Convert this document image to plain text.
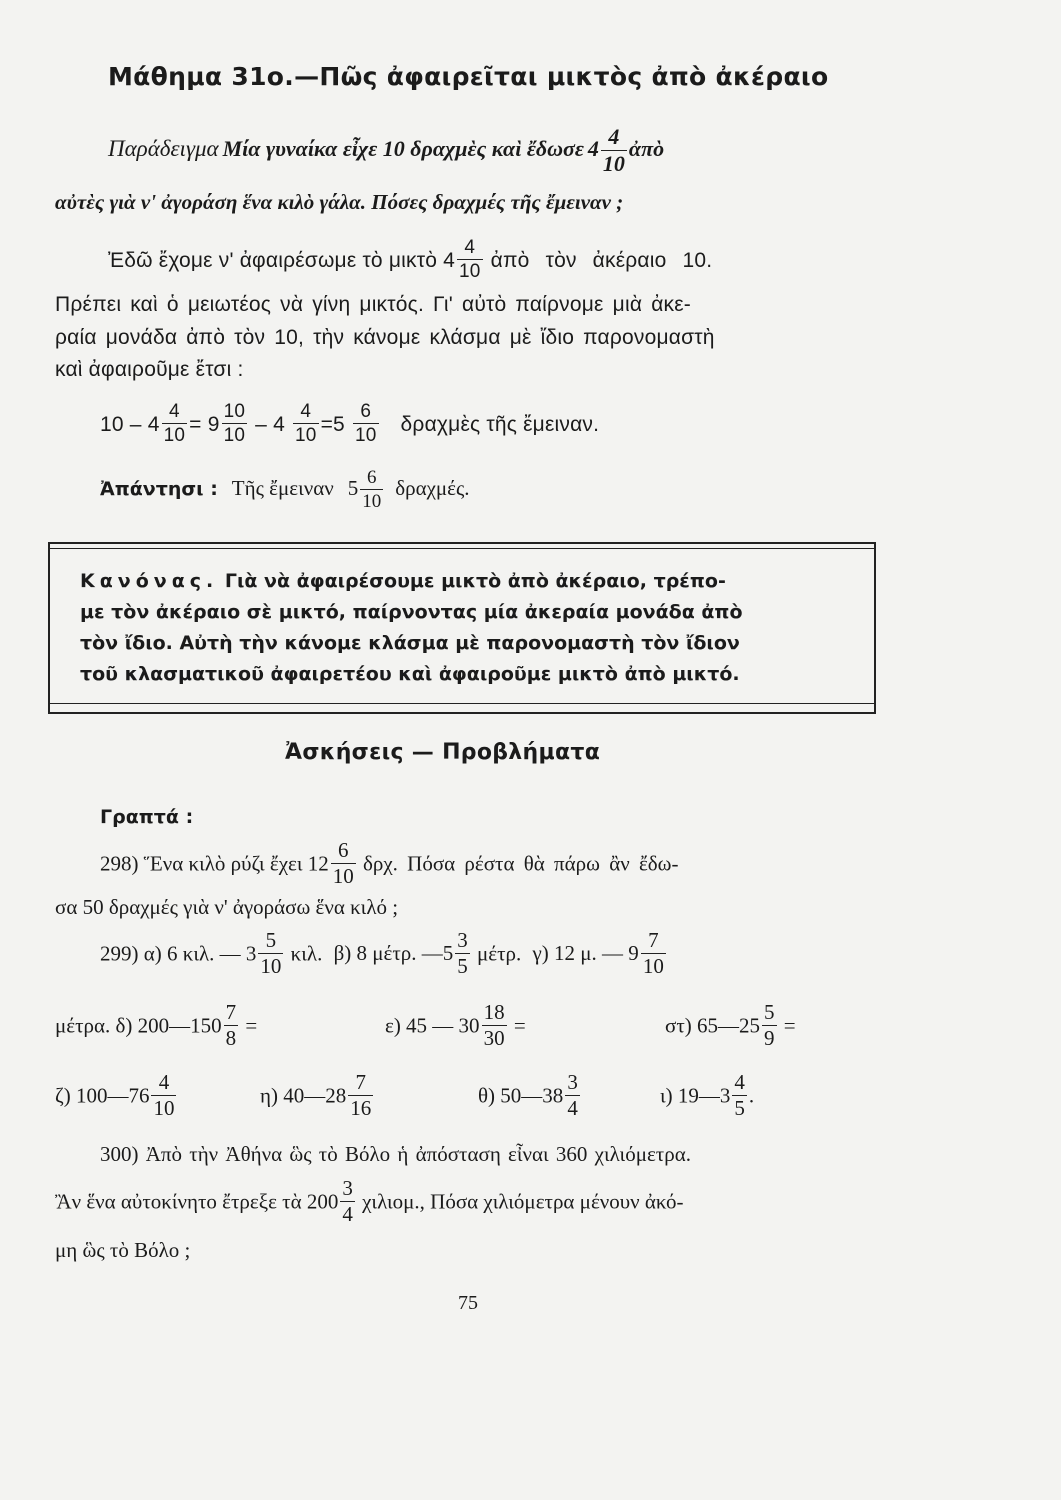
Μάθημα 31ο.—Πῶς ἀφαιρεῖται μικτὸς ἀπὸ ἀκέραιο
Παράδειγμα Μία γυναίκα εἶχε 10 δραχμὲς καὶ ἔδωσε $4 \frac{4}{10}$ ἀπὸ
αὐτὲς γιὰ ν' ἀγοράση ἕνα κιλὸ γάλα. Πόσες δραχμές τῆς ἔμειναν ;
Ἐδῶ ἔχομε ν' ἀφαιρέσωμε τὸ μικτὸ $4 \frac{4}{10}$ ἀπὸ τὸν ἀκέραιο 10.
Πρέπει καὶ ὁ μειωτέος νὰ γίνη μικτός. Γι' αὐτὸ παίρνομε μιὰ ἀκε-
ραία μονάδα ἀπὸ τὸν 10, τὴν κάνομε κλάσμα μὲ ἴδιο παρονομαστὴ
καὶ ἀφαιροῦμε ἔτσι :
$10 - 4 \frac{4}{10} = 9 \frac{10}{10} - 4 \frac{4}{10} =5 \frac{6}{10}$ δραχμὲς τῆς ἔμειναν.
Ἀπάντησι : Τῆς ἔμειναν $5 \frac{6}{10} \delta\rho\alpha\chi\mu έ\varsigma$.
Κανόνας. Γιὰ νὰ ἀφαιρέσουμε μικτὸ ἀπὸ ἀκέραιο, τρέπο-
με τὸν ἀκέραιο σὲ μικτό, παίρνοντας μία ἀκεραία μονάδα ἀπὸ
τὸν ἴδιο. Αὐτὴ τὴν κάνομε κλάσμα μὲ παρονομαστὴ τὸν ἴδιον
τοῦ κλασματικοῦ ἀφαιρετέου καὶ ἀφαιροῦμε μικτὸ ἀπὸ μικτό.
Ἀσκήσεις — Προβλήματα
Γραπτά :
298) Ἕνα κιλὸ ρύζι ἔχει $12 \frac{6}{10} \delta\rho\chi$. Πόσα ρέστα θὰ πάρω ἂν ἔδω-
σα 50 δραχμές γιὰ ν' ἀγοράσω ἕνα κιλό ;
299) α) 6 κιλ. — $3 \frac{5}{10} \kappa\iota\lambda$. β) 8 μέτρ. —5 $\frac{3}{5} \mu έ\tau\rho$. γ) 12 μ. — $9 \frac{7}{10}$
μέτρα. δ) 200—150 $\frac{7}{8}$ =	ε) 45 — $30 \frac{18}{30}$ =	στ) 65—25 $\frac{5}{9}$ =
ζ) 100—76 $\frac{4}{10}$	η) 40—28 $\frac{7}{16}$	θ) 50—38 $\frac{3}{4}$	ι) 19—3 $\frac{4}{5}$ .
300) Ἀπὸ τὴν Ἀθήνα ὣς τὸ Βόλο ἡ ἀπόσταση εἶναι 360 χιλιόμετρα.
Ἂν ἕνα αὐτοκίνητο ἔτρεξε τὰ $200 \frac{3}{4} \chi\iota\lambda\iota o\mu$., Πόσα χιλιόμετρα μένουν ἀκό-
μη ὣς τὸ Βόλο ;
75
